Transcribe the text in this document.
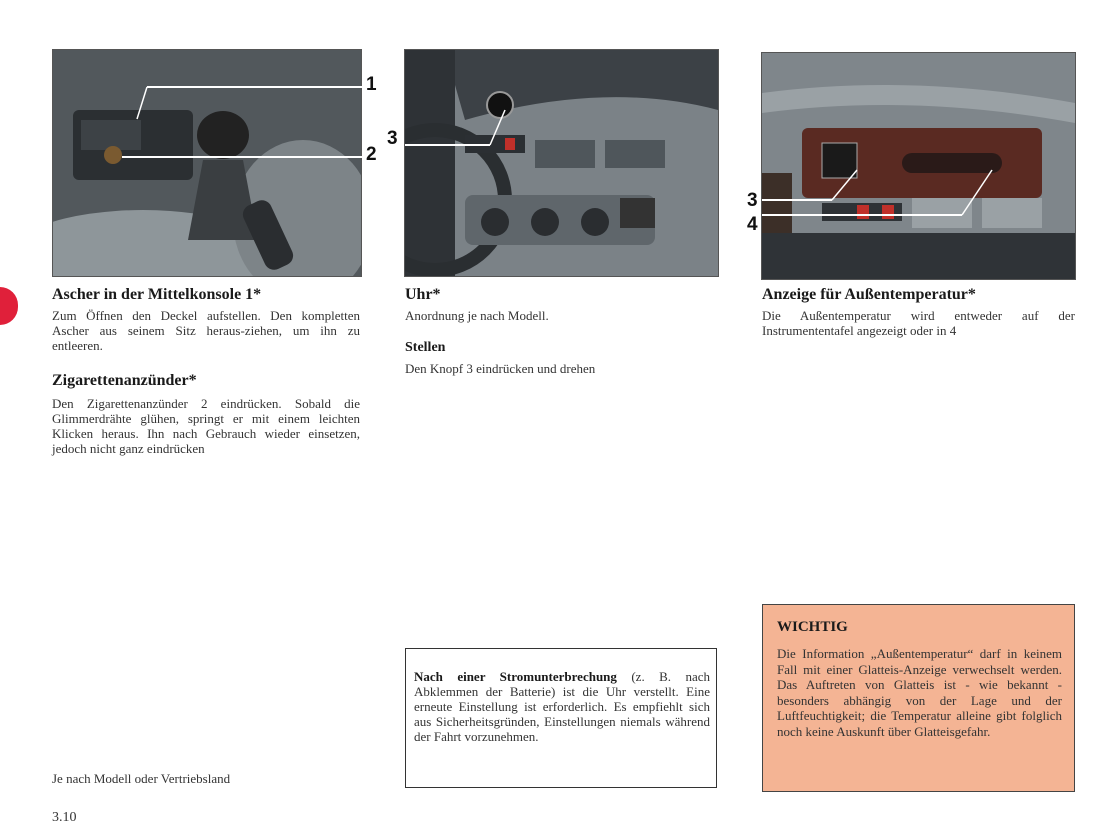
1
2
3
3
4

Ascher in der Mittelkonsole 1*

Zum Öffnen den Deckel aufstellen. Den kompletten Ascher aus seinem Sitz heraus-ziehen, um ihn zu entleeren.

Zigarettenanzünder*

Den Zigarettenanzünder 2 eindrücken. Sobald die Glimmerdrähte glühen, springt er mit einem leichten Klicken heraus. Ihn nach Gebrauch wieder einsetzen, jedoch nicht ganz eindrücken

Je nach Modell oder Vertriebsland
3.10

Uhr*

Anordnung je nach Modell.

Stellen

Den Knopf 3 eindrücken und drehen

Nach einer Stromunterbrechung (z. B. nach Abklemmen der Batterie) ist die Uhr verstellt. Eine erneute Einstellung ist erforderlich. Es empfiehlt sich aus Sicherheitsgründen, Einstellungen niemals während der Fahrt vorzunehmen.

Anzeige für Außentemperatur*

Die Außentemperatur wird entweder auf der Instrumententafel angezeigt oder in 4

WICHTIG

Die Information „Außentemperatur“ darf in keinem Fall mit einer Glatteis-Anzeige verwechselt werden. Das Auftreten von Glatteis ist - wie bekannt - besonders abhängig von der Lage und der Luftfeuchtigkeit; die Temperatur alleine gibt folglich noch keine Auskunft über Glatteisgefahr.
